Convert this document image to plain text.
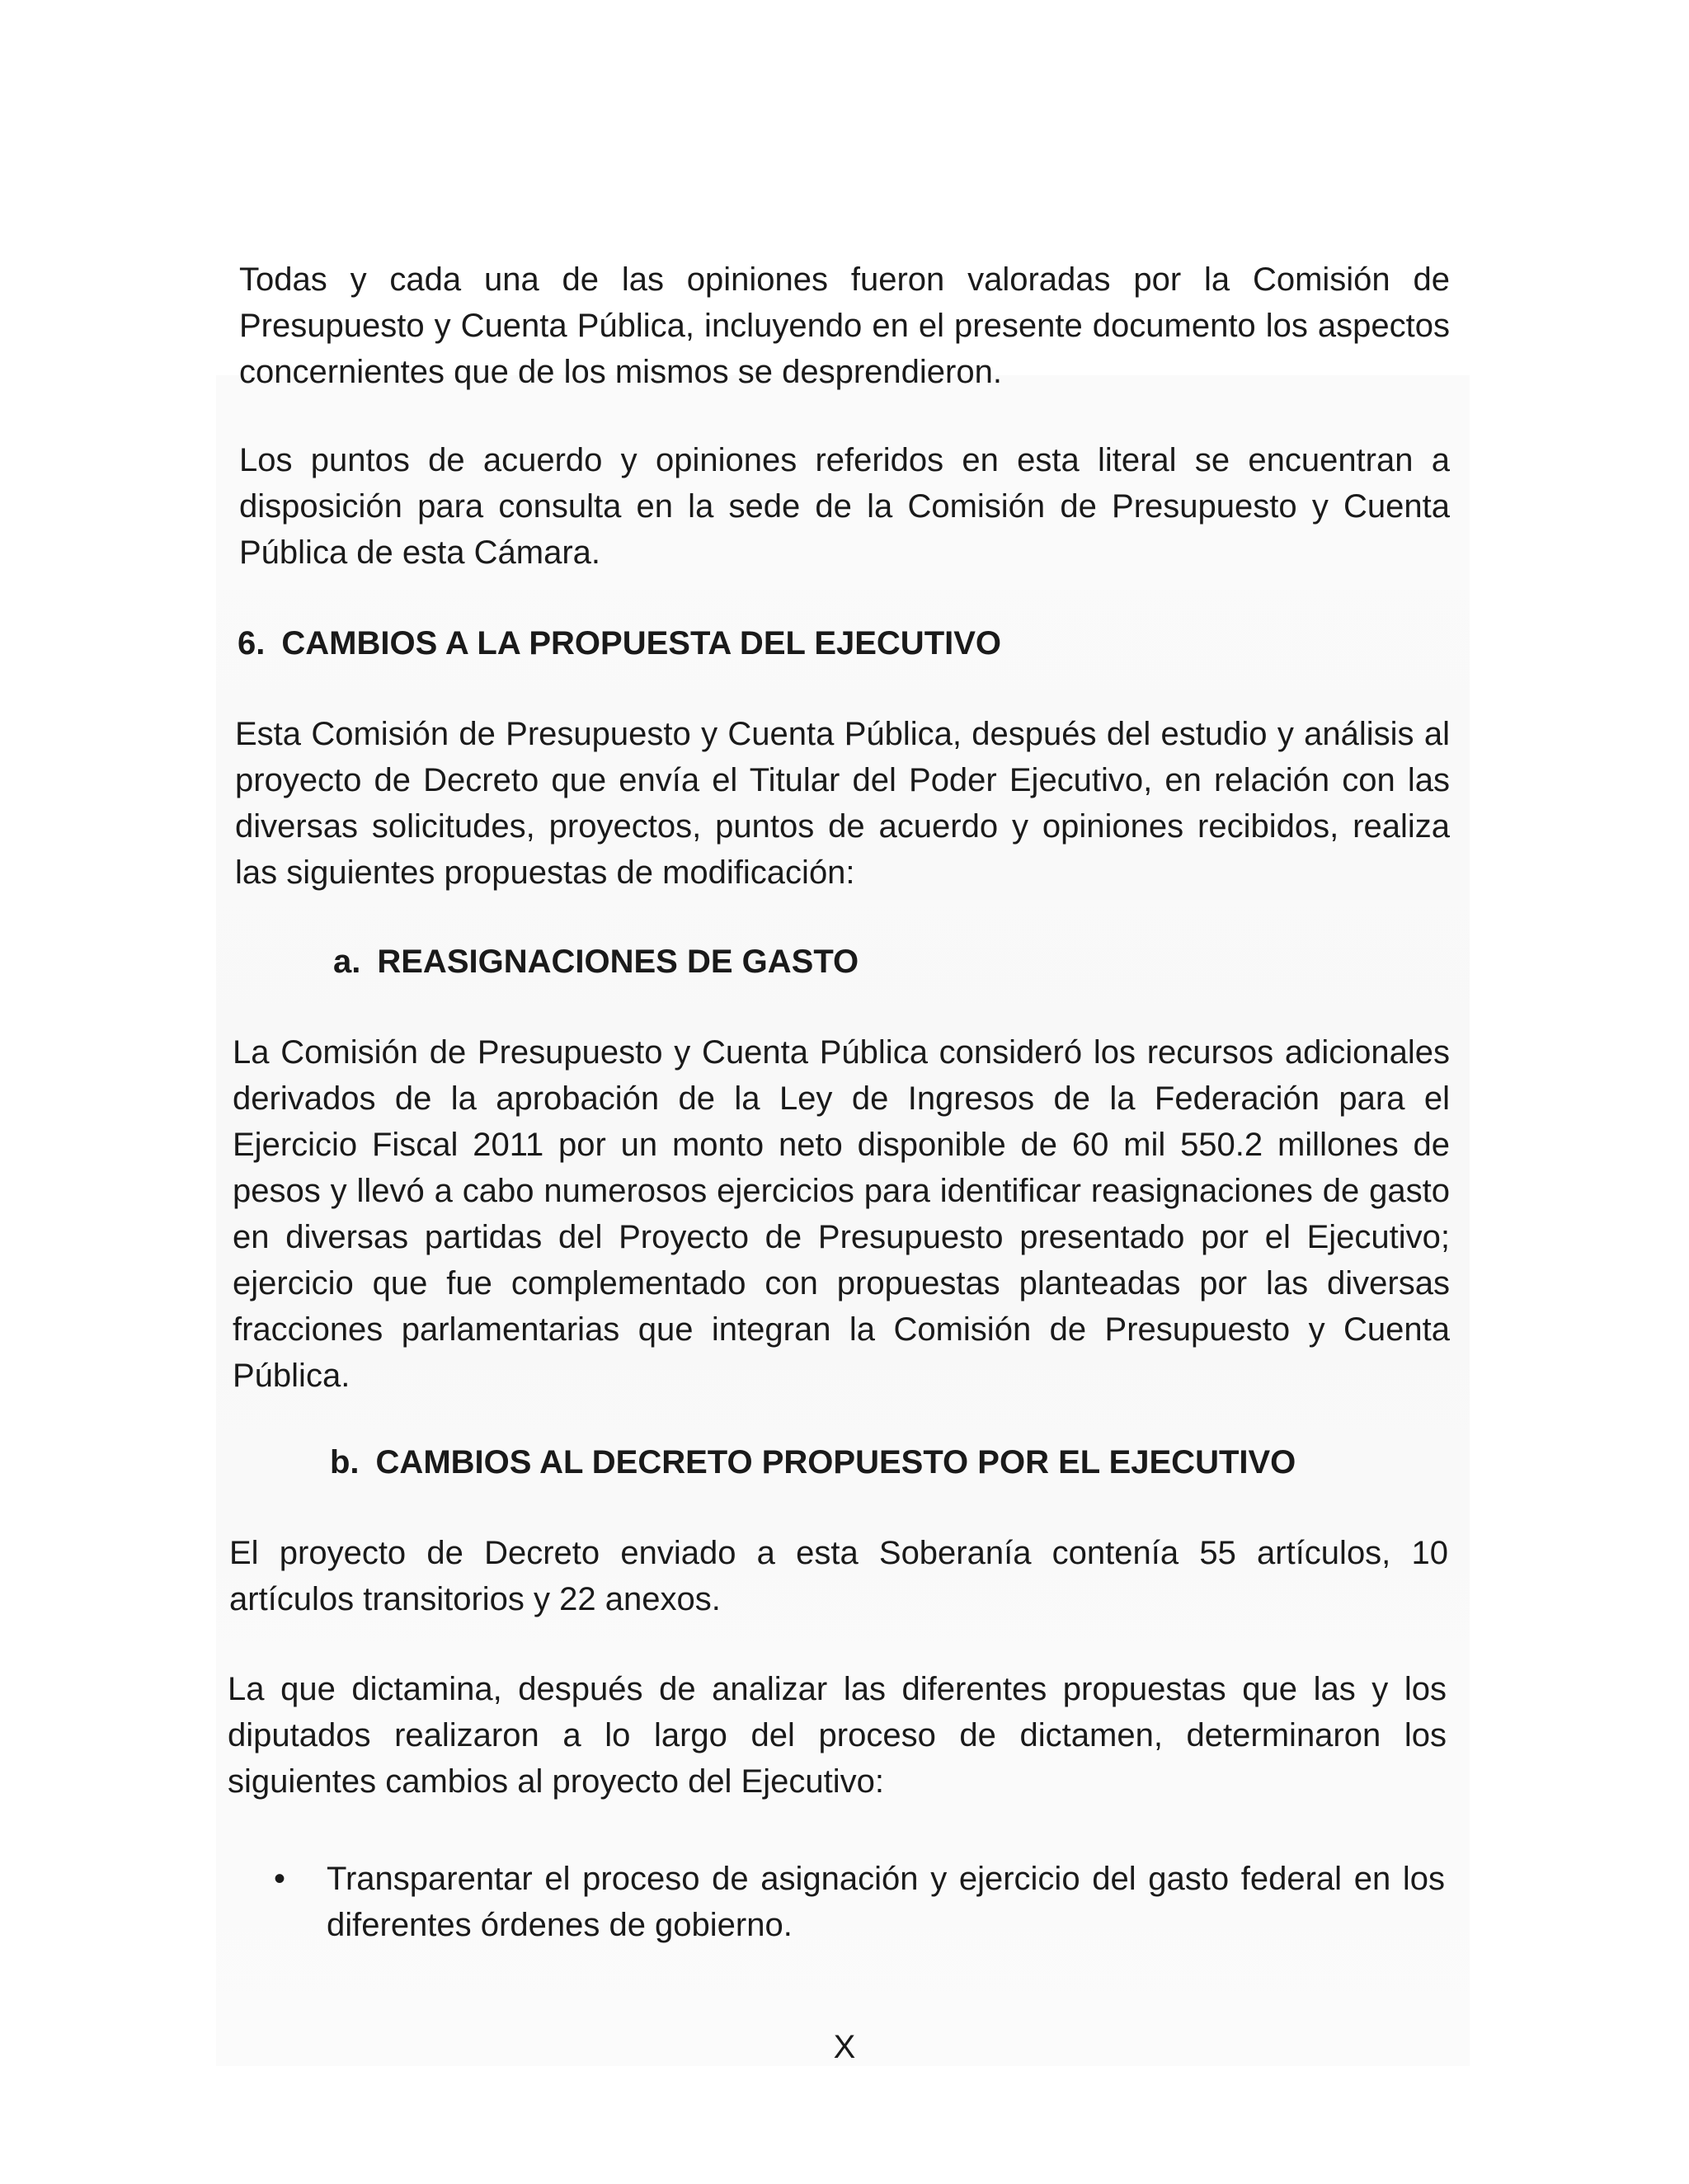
Todas y cada una de las opiniones fueron valoradas por la Comisión de Presupuesto y Cuenta Pública, incluyendo en el presente documento los aspectos concernientes que de los mismos se desprendieron.

Los puntos de acuerdo y opiniones referidos en esta literal se encuentran a disposición para consulta en la sede de la Comisión de Presupuesto y Cuenta Pública de esta Cámara.

6. CAMBIOS A LA PROPUESTA DEL EJECUTIVO

Esta Comisión de Presupuesto y Cuenta Pública, después del estudio y análisis al proyecto de Decreto que envía el Titular del Poder Ejecutivo, en relación con las diversas solicitudes, proyectos, puntos de acuerdo y opiniones recibidos, realiza las siguientes propuestas de modificación:

a. REASIGNACIONES DE GASTO

La Comisión de Presupuesto y Cuenta Pública consideró los recursos adicionales derivados de la aprobación de la Ley de Ingresos de la Federación para el Ejercicio Fiscal 2011 por un monto neto disponible de 60 mil 550.2 millones de pesos y llevó a cabo numerosos ejercicios para identificar reasignaciones de gasto en diversas partidas del Proyecto de Presupuesto presentado por el Ejecutivo; ejercicio que fue complementado con propuestas planteadas por las diversas fracciones parlamentarias que integran la Comisión de Presupuesto y Cuenta Pública.

b. CAMBIOS AL DECRETO PROPUESTO POR EL EJECUTIVO

El proyecto de Decreto enviado a esta Soberanía contenía 55 artículos, 10 artículos transitorios y 22 anexos.

La que dictamina, después de analizar las diferentes propuestas que las y los diputados realizaron a lo largo del proceso de dictamen, determinaron los siguientes cambios al proyecto del Ejecutivo:

• Transparentar el proceso de asignación y ejercicio del gasto federal en los diferentes órdenes de gobierno.

X
